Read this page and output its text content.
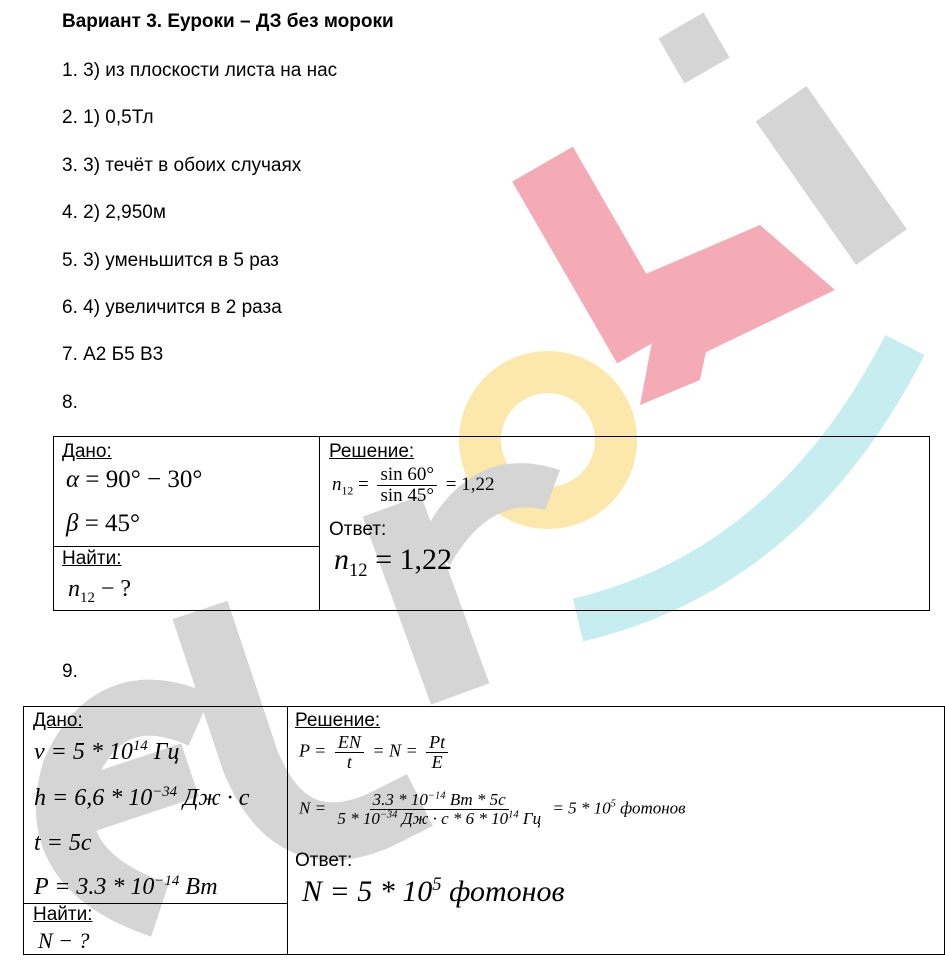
Вариант 3. Еуроки – ДЗ без мороки
1. 3) из плоскости листа на нас
2. 1) 0,5Тл
3. 3) течёт в обоих случаях
4. 2) 2,950м
5. 3) уменьшится в 5 раз
6. 4) увеличится в 2 раза
7. А2 Б5 В3
8.
Дано:
α = 90° − 30°
β = 45°
Найти:
$n_{12}$ − ?
Решение:
$n_{12} = \frac{\sin 60^\circ}{\sin 45^\circ} = 1,22$
Ответ:
$n_{12} = 1,22$
9.
Дано:
$\nu = 5 * 10^{14}$ Гц
$h = 6,6 * 10^{-34}$ Дж · с
t = 5с
$P = 3.3 * 10^{-14}$ Вт
Найти:
N − ?
Решение:
$P = \frac{EN}{t} = N = \frac{Pt}{E}$
$N = \frac{3.3 * 10^{-14} Вт * 5с}{5 * 10^{-34} Дж \cdot с * 6 * 10^{14} Гц} = 5 * 10^5$ фотонов
Ответ:
$N = 5 * 10^5$ фотонов
